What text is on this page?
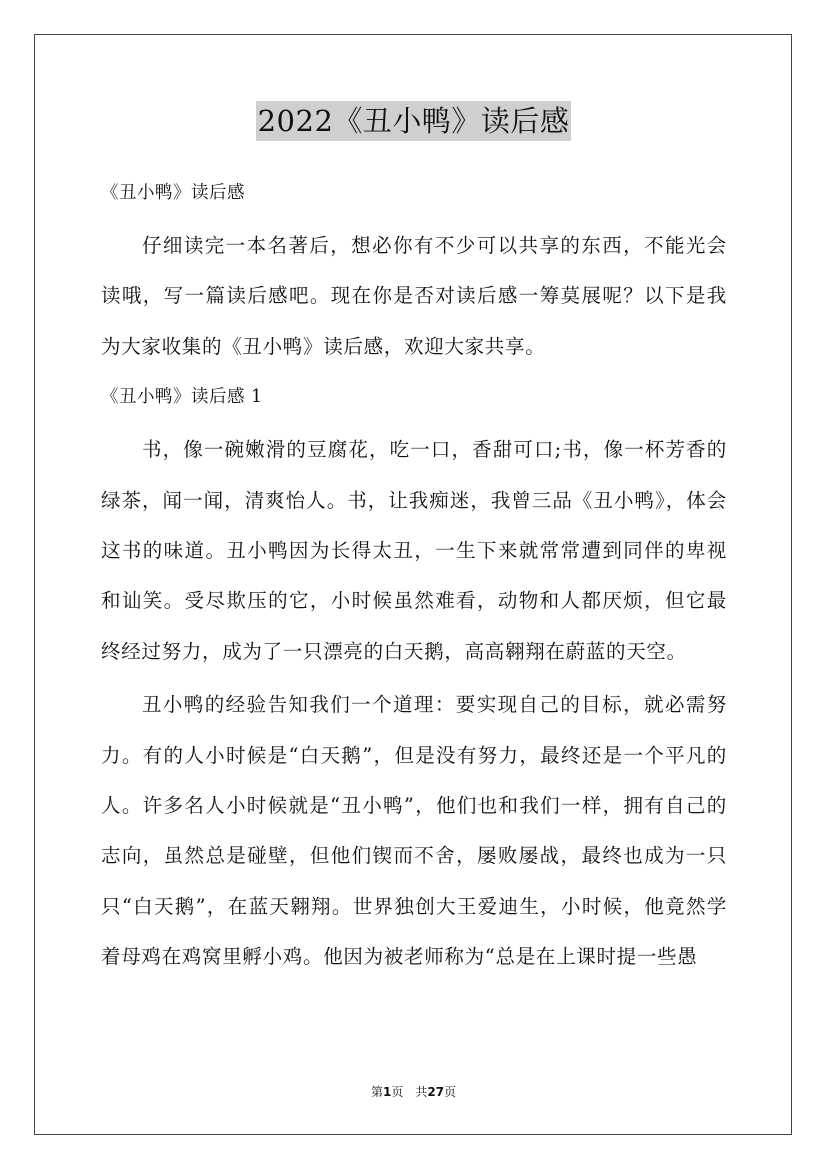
2022《丑小鸭》读后感

《丑小鸭》读后感

仔细读完一本名著后，想必你有不少可以共享的东西，不能光会读哦，写一篇读后感吧。现在你是否对读后感一筹莫展呢？以下是我为大家收集的《丑小鸭》读后感，欢迎大家共享。

《丑小鸭》读后感 1

书，像一碗嫩滑的豆腐花，吃一口，香甜可口;书，像一杯芳香的绿茶，闻一闻，清爽怡人。书，让我痴迷，我曾三品《丑小鸭》，体会这书的味道。丑小鸭因为长得太丑，一生下来就常常遭到同伴的卑视和讪笑。受尽欺压的它，小时候虽然难看，动物和人都厌烦，但它最终经过努力，成为了一只漂亮的白天鹅，高高翱翔在蔚蓝的天空。

丑小鸭的经验告知我们一个道理：要实现自己的目标，就必需努力。有的人小时候是“白天鹅”，但是没有努力，最终还是一个平凡的人。许多名人小时候就是“丑小鸭”，他们也和我们一样，拥有自己的志向，虽然总是碰壁，但他们锲而不舍，屡败屡战，最终也成为一只只“白天鹅”，在蓝天翱翔。世界独创大王爱迪生，小时候，他竟然学着母鸡在鸡窝里孵小鸡。他因为被老师称为“总是在上课时提一些愚

第1页 共27页
